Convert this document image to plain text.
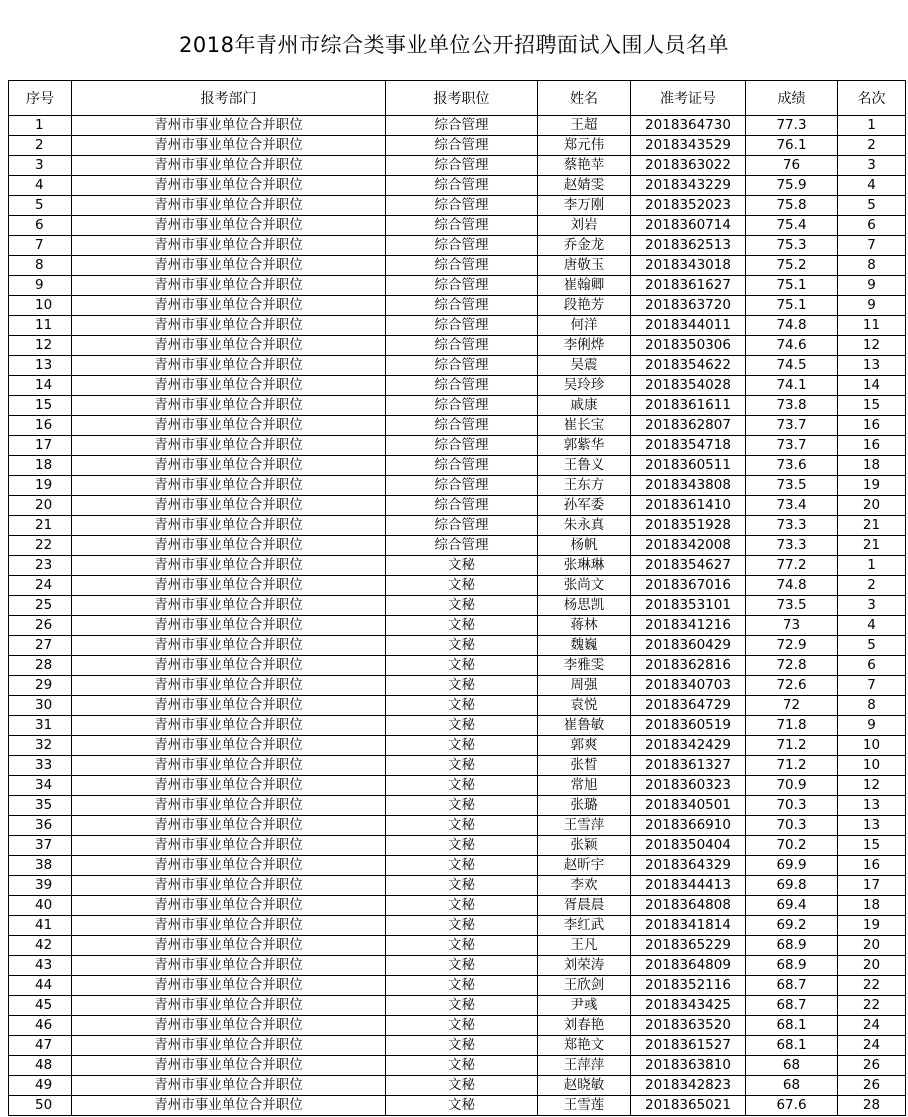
2018年青州市综合类事业单位公开招聘面试入围人员名单
序号	报考部门	报考职位	姓名	准考证号	成绩	名次
1	青州市事业单位合并职位	综合管理	王超	2018364730	77.3	1
2	青州市事业单位合并职位	综合管理	郑元伟	2018343529	76.1	2
3	青州市事业单位合并职位	综合管理	蔡艳苹	2018363022	76	3
4	青州市事业单位合并职位	综合管理	赵婧雯	2018343229	75.9	4
5	青州市事业单位合并职位	综合管理	李万刚	2018352023	75.8	5
6	青州市事业单位合并职位	综合管理	刘岩	2018360714	75.4	6
7	青州市事业单位合并职位	综合管理	乔金龙	2018362513	75.3	7
8	青州市事业单位合并职位	综合管理	唐敬玉	2018343018	75.2	8
9	青州市事业单位合并职位	综合管理	崔翰卿	2018361627	75.1	9
10	青州市事业单位合并职位	综合管理	段艳芳	2018363720	75.1	9
11	青州市事业单位合并职位	综合管理	何洋	2018344011	74.8	11
12	青州市事业单位合并职位	综合管理	李俐烨	2018350306	74.6	12
13	青州市事业单位合并职位	综合管理	吴震	2018354622	74.5	13
14	青州市事业单位合并职位	综合管理	吴玲珍	2018354028	74.1	14
15	青州市事业单位合并职位	综合管理	戚康	2018361611	73.8	15
16	青州市事业单位合并职位	综合管理	崔长宝	2018362807	73.7	16
17	青州市事业单位合并职位	综合管理	郭紫华	2018354718	73.7	16
18	青州市事业单位合并职位	综合管理	王鲁义	2018360511	73.6	18
19	青州市事业单位合并职位	综合管理	王东方	2018343808	73.5	19
20	青州市事业单位合并职位	综合管理	孙军委	2018361410	73.4	20
21	青州市事业单位合并职位	综合管理	朱永真	2018351928	73.3	21
22	青州市事业单位合并职位	综合管理	杨帆	2018342008	73.3	21
23	青州市事业单位合并职位	文秘	张琳琳	2018354627	77.2	1
24	青州市事业单位合并职位	文秘	张尚文	2018367016	74.8	2
25	青州市事业单位合并职位	文秘	杨思凯	2018353101	73.5	3
26	青州市事业单位合并职位	文秘	蒋林	2018341216	73	4
27	青州市事业单位合并职位	文秘	魏巍	2018360429	72.9	5
28	青州市事业单位合并职位	文秘	李雅雯	2018362816	72.8	6
29	青州市事业单位合并职位	文秘	周强	2018340703	72.6	7
30	青州市事业单位合并职位	文秘	袁悦	2018364729	72	8
31	青州市事业单位合并职位	文秘	崔鲁敏	2018360519	71.8	9
32	青州市事业单位合并职位	文秘	郭爽	2018342429	71.2	10
33	青州市事业单位合并职位	文秘	张晳	2018361327	71.2	10
34	青州市事业单位合并职位	文秘	常旭	2018360323	70.9	12
35	青州市事业单位合并职位	文秘	张璐	2018340501	70.3	13
36	青州市事业单位合并职位	文秘	王雪萍	2018366910	70.3	13
37	青州市事业单位合并职位	文秘	张颖	2018350404	70.2	15
38	青州市事业单位合并职位	文秘	赵昕宇	2018364329	69.9	16
39	青州市事业单位合并职位	文秘	李欢	2018344413	69.8	17
40	青州市事业单位合并职位	文秘	胥晨晨	2018364808	69.4	18
41	青州市事业单位合并职位	文秘	李红武	2018341814	69.2	19
42	青州市事业单位合并职位	文秘	王凡	2018365229	68.9	20
43	青州市事业单位合并职位	文秘	刘荣涛	2018364809	68.9	20
44	青州市事业单位合并职位	文秘	王欣剑	2018352116	68.7	22
45	青州市事业单位合并职位	文秘	尹彧	2018343425	68.7	22
46	青州市事业单位合并职位	文秘	刘春艳	2018363520	68.1	24
47	青州市事业单位合并职位	文秘	郑艳文	2018361527	68.1	24
48	青州市事业单位合并职位	文秘	王萍萍	2018363810	68	26
49	青州市事业单位合并职位	文秘	赵晓敏	2018342823	68	26
50	青州市事业单位合并职位	文秘	王雪莲	2018365021	67.6	28
